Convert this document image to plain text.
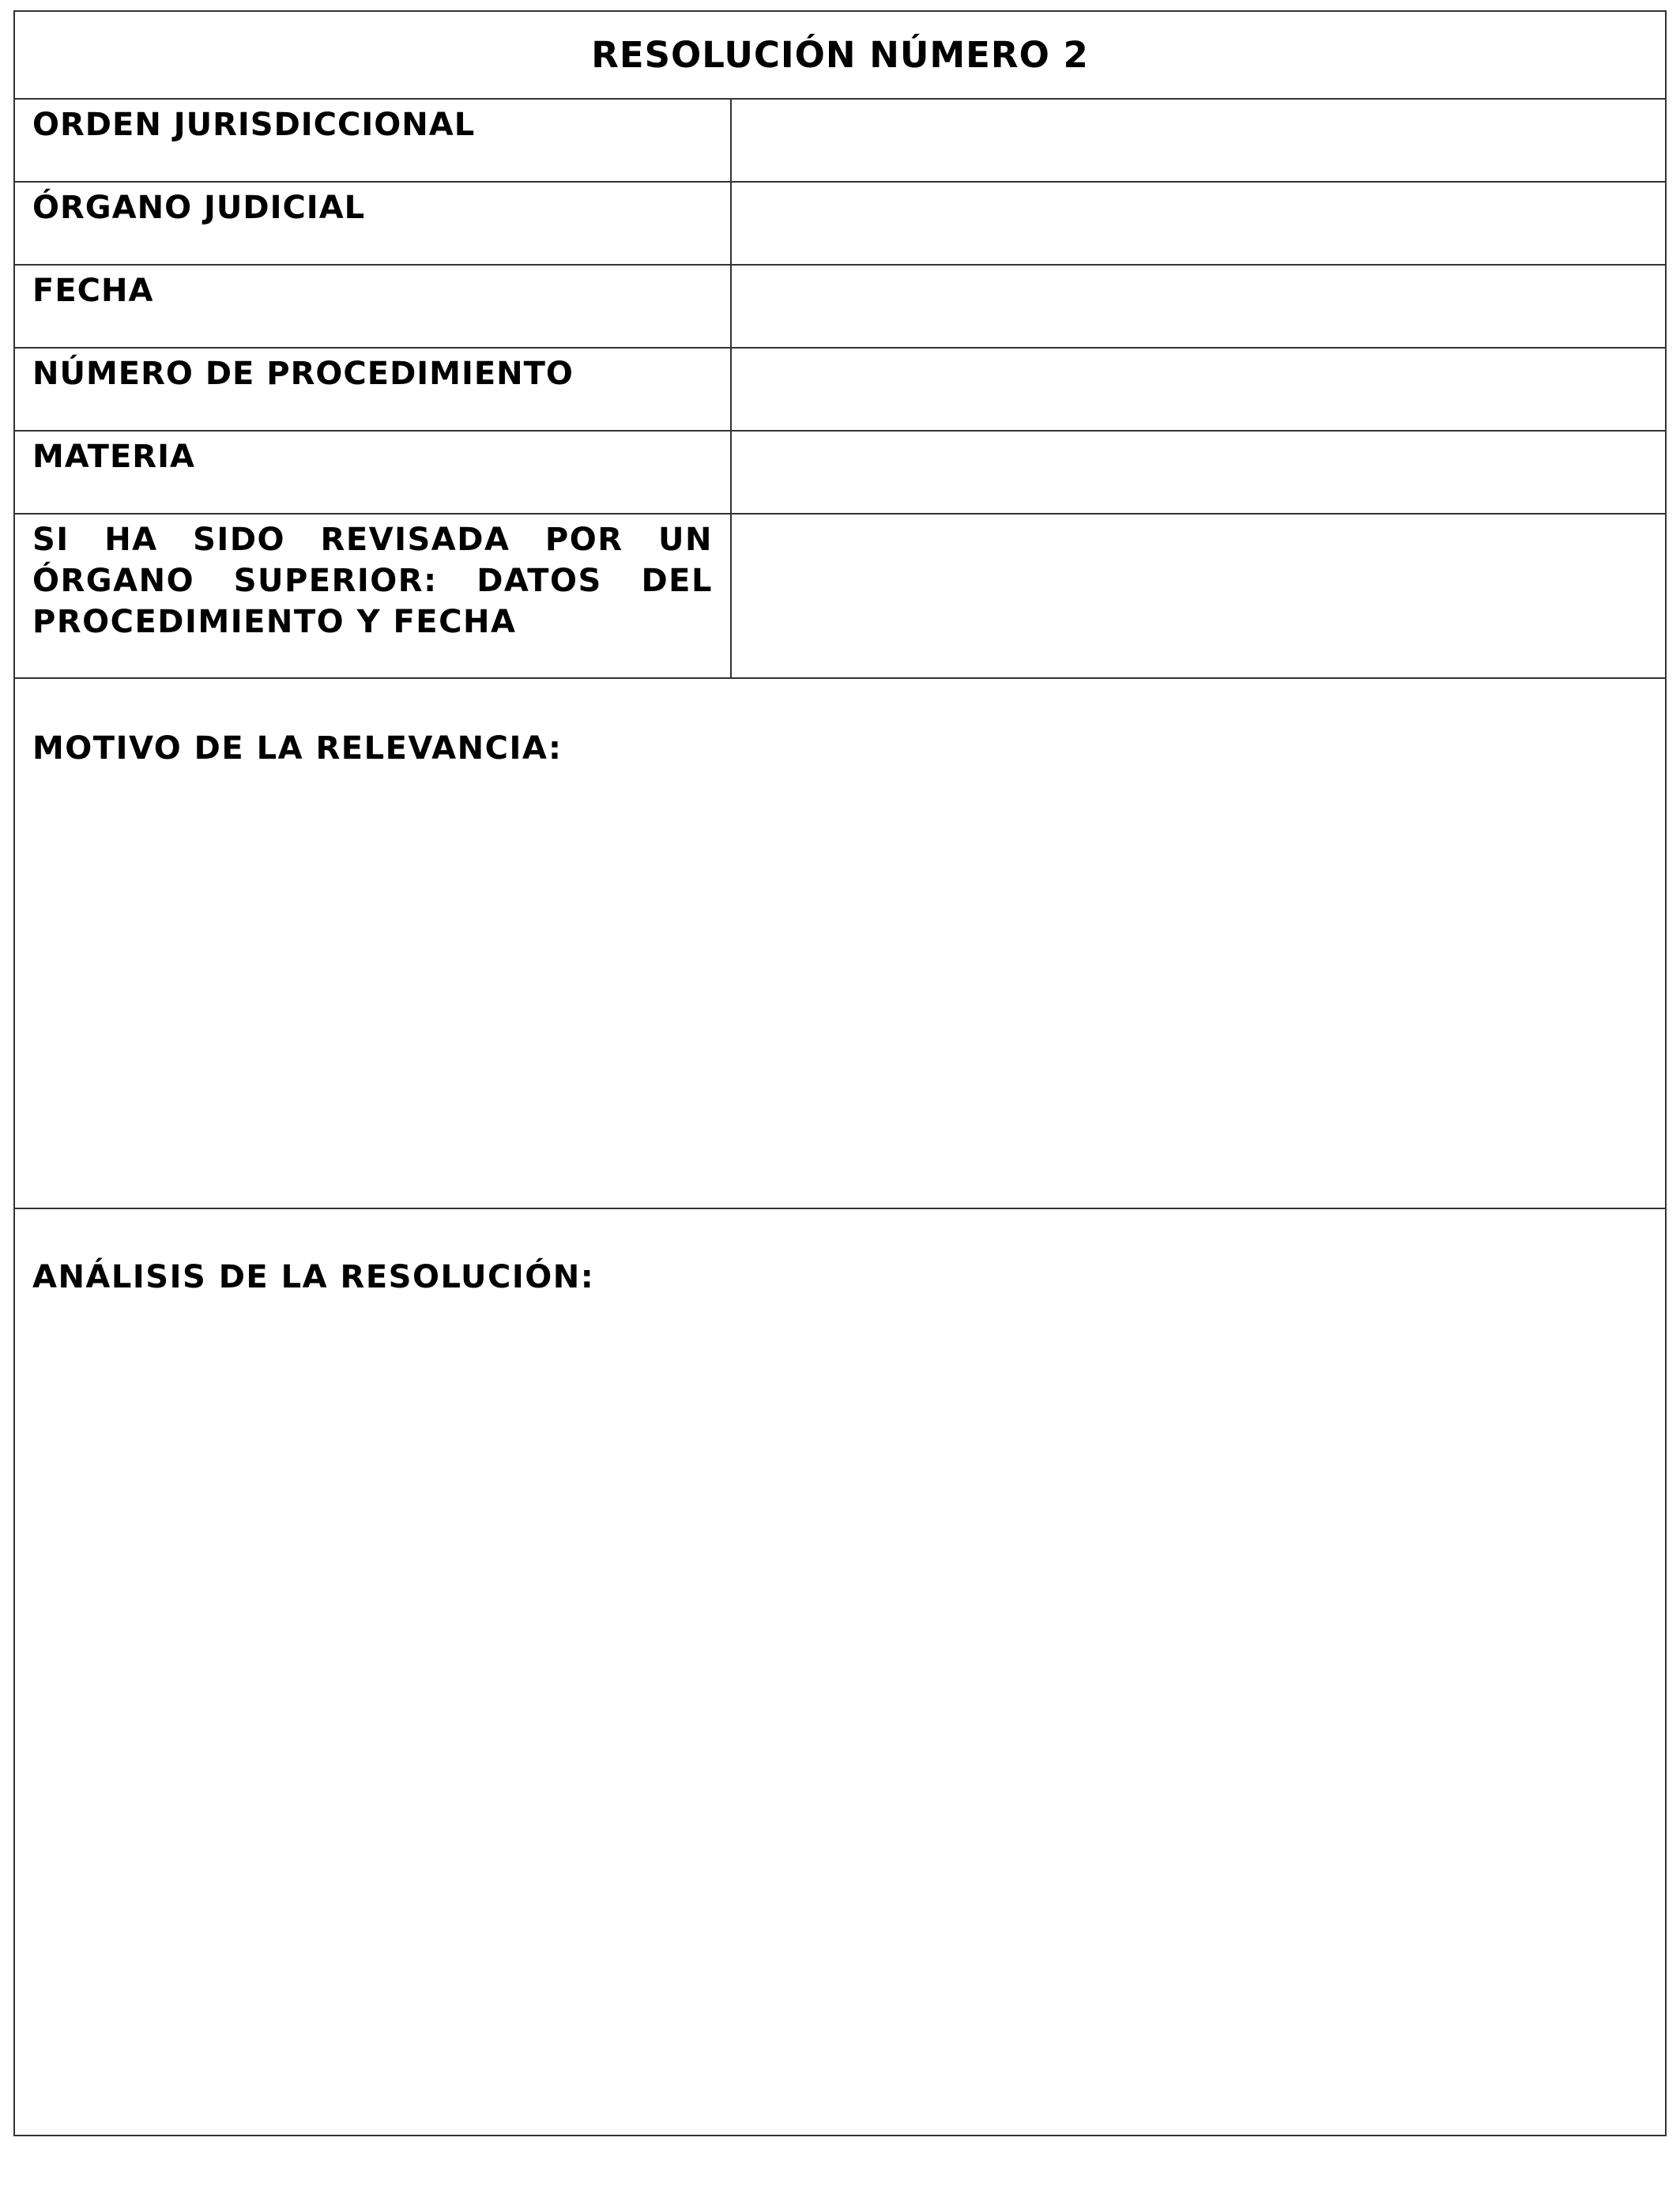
RESOLUCIÓN NÚMERO 2
ORDEN JURISDICCIONAL
ÓRGANO JUDICIAL
FECHA
NÚMERO DE PROCEDIMIENTO
MATERIA
SI HA SIDO REVISADA POR UN ÓRGANO SUPERIOR: DATOS DEL PROCEDIMIENTO Y FECHA
MOTIVO DE LA RELEVANCIA:
ANÁLISIS DE LA RESOLUCIÓN:
